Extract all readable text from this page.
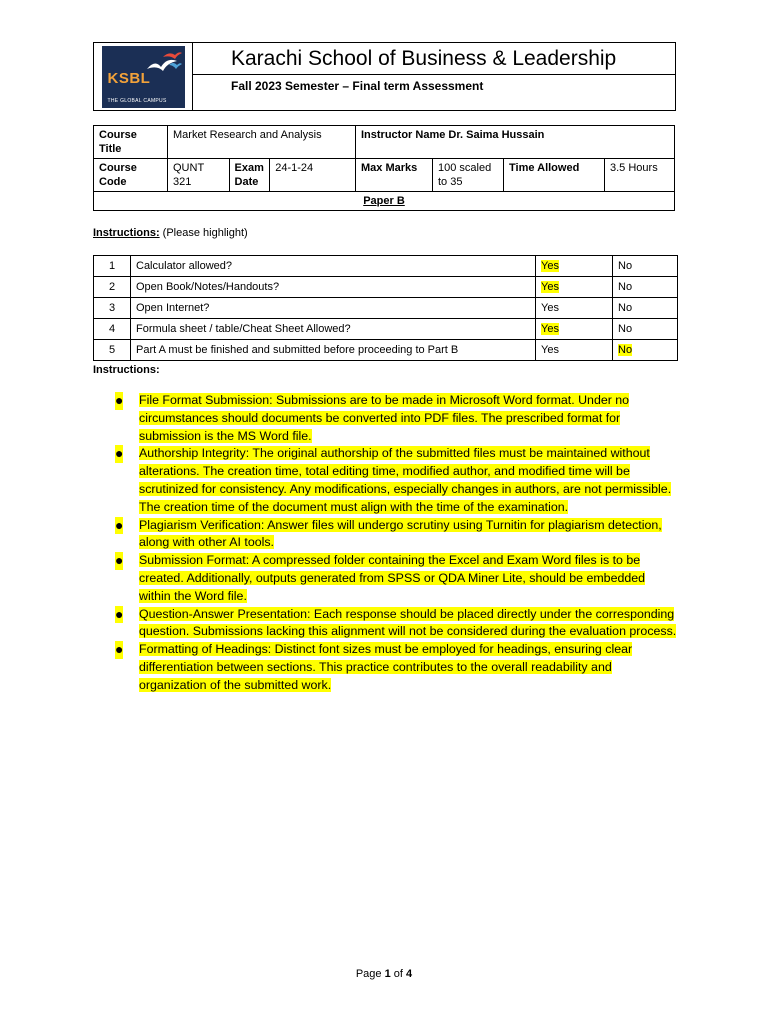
KSBL
THE GLOBAL CAMPUS
Karachi School of Business & Leadership
Fall 2023 Semester – Final term Assessment
Course Title	Market Research and Analysis			Instructor Name Dr. Saima Hussain		
Course Code	QUNT 321	Exam Date	24-1-24	Max Marks	100 scaled to 35	Time Allowed 3.5 Hours

Paper B						
Instructions: (Please highlight)
1	Calculator allowed?	Yes	No
2	Open Book/Notes/Handouts?	Yes	No
3	Open Internet?	Yes	No
4	Formula sheet / table/Cheat Sheet Allowed?	Yes	No
5	Part A must be finished and submitted before proceeding to Part B	Yes	No
Instructions:
● File Format Submission: Submissions are to be made in Microsoft Word format. Under no circumstances should documents be converted into PDF files. The prescribed format for submission is the MS Word file.
● Authorship Integrity: The original authorship of the submitted files must be maintained without alterations. The creation time, total editing time, modified author, and modified time will be scrutinized for consistency. Any modifications, especially changes in authors, are not permissible. The creation time of the document must align with the time of the examination.
● Plagiarism Verification: Answer files will undergo scrutiny using Turnitin for plagiarism detection, along with other AI tools.
● Submission Format: A compressed folder containing the Excel and Exam Word files is to be created. Additionally, outputs generated from SPSS or QDA Miner Lite, should be embedded within the Word file.
● Question-Answer Presentation: Each response should be placed directly under the corresponding question. Submissions lacking this alignment will not be considered during the evaluation process.
● Formatting of Headings: Distinct font sizes must be employed for headings, ensuring clear differentiation between sections. This practice contributes to the overall readability and organization of the submitted work.
Page 1 of 4
